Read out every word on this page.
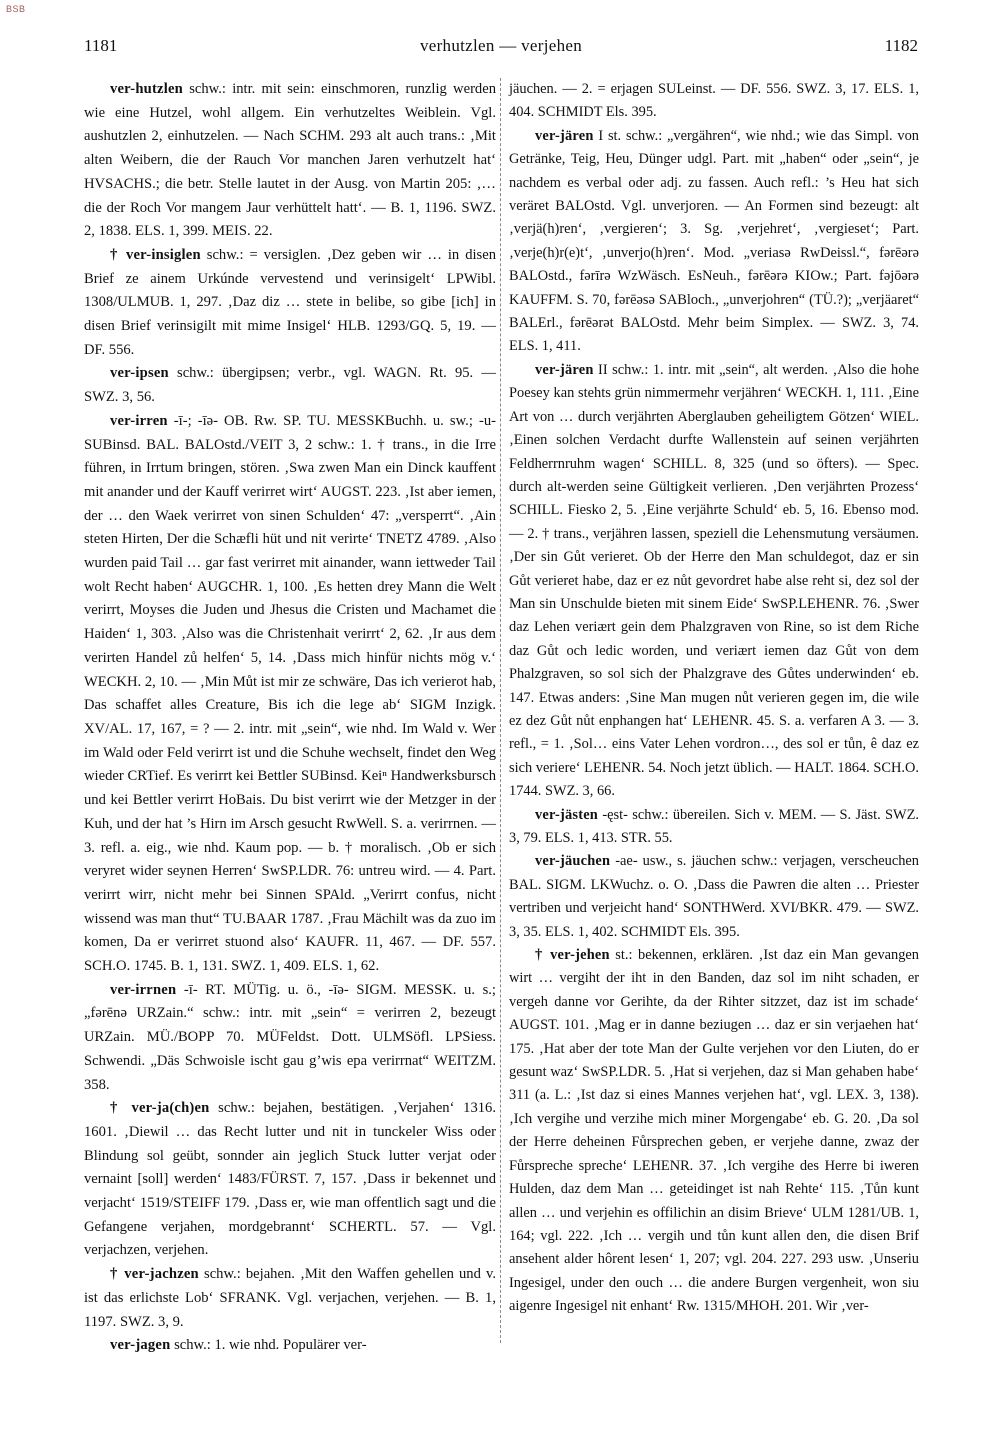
BSB
1181	verhutzlen — verjehen	1182

ver-hutzlen schw.: intr. mit sein: einschmoren, runzlig werden wie eine Hutzel, wohl allgem. Ein verhutzeltes Weiblein. Vgl. aushutzlen 2, einhutzelen. — Nach SCHM. 293 alt auch trans.: ‚Mit alten Weibern, die der Rauch Vor manchen Jaren verhutzelt hat‘ HVSACHS.; die betr. Stelle lautet in der Ausg. von Martin 205: ‚… die der Roch Vor mangem Jaur verhüttelt hatt‘. — B. 1, 1196. SWZ. 2, 1838. ELS. 1, 399. MEIS. 22.

† ver-insiglen schw.: = versiglen. ‚Dez geben wir … in disen Brief ze ainem Urkúnde vervestend und verinsigelt‘ LPWibl. 1308/ULMUB. 1, 297. ‚Daz diz … stete in belibe, so gibe [ich] in disen Brief verinsigilt mit mime Insigel‘ HLB. 1293/GQ. 5, 19. — DF. 556.

ver-ipsen schw.: übergipsen; verbr., vgl. WAGN. Rt. 95. — SWZ. 3, 56.

ver-irren -ī-; -īə- OB. Rw. SP. TU. MESSKBuchh. u. sw.; -u- SUBinsd. BAL. BALOstd./VEIT 3, 2 schw.: 1. † trans., in die Irre führen, in Irrtum bringen, stören. ‚Swa zwen Man ein Dinck kauffent mit anander und der Kauff verirret wirt‘ AUGST. 223. ‚Ist aber iemen, der … den Waek verirret von sinen Schulden‘ 47: „versperrt“. ‚Ain steten Hirten, Der die Schæfli hüt und nit verirte‘ TNETZ 4789. ‚Also wurden paid Tail … gar fast verirret mit ainander, wann iettweder Tail wolt Recht haben‘ AUGCHR. 1, 100. ‚Es hetten drey Mann die Welt verirrt, Moyses die Juden und Jhesus die Cristen und Machamet die Haiden‘ 1, 303. ‚Also was die Christenhait verirrt‘ 2, 62. ‚Ir aus dem verirten Handel zů helfen‘ 5, 14. ‚Dass mich hinfür nichts mög v.‘ WECKH. 2, 10. — ‚Min Můt ist mir ze schwäre, Das ich verierot hab, Das schaffet alles Creature, Bis ich die lege ab‘ SIGM Inzigk. XV/AL. 17, 167, = ? — 2. intr. mit „sein“, wie nhd. Im Wald v. Wer im Wald oder Feld verirrt ist und die Schuhe wechselt, findet den Weg wieder CRTief. Es verirrt kei Bettler SUBinsd. Keiⁿ Handwerksbursch und kei Bettler verirrt HoBais. Du bist verirrt wie der Metzger in der Kuh, und der hat ’s Hirn im Arsch gesucht RwWell. S. a. verirrnen. — 3. refl. a. eig., wie nhd. Kaum pop. — b. † moralisch. ‚Ob er sich veryret wider seynen Herren‘ SwSP.LDR. 76: untreu wird. — 4. Part. verirrt wirr, nicht mehr bei Sinnen SPAld. „Verirrt confus, nicht wissend was man thut“ TU.BAAR 1787. ‚Frau Mächilt was da zuo im komen, Da er verirret stuond also‘ KAUFR. 11, 467. — DF. 557. SCH.O. 1745. B. 1, 131. SWZ. 1, 409. ELS. 1, 62.

ver-irrnen -ī- RT. MÜTig. u. ö., -īə- SIGM. MESSK. u. s.; „fərēnə URZain.“ schw.: intr. mit „sein“ = verirren 2, bezeugt URZain. MÜ./BOPP 70. MÜFeldst. Dott. ULMSöfl. LPSiess. Schwendi. „Däs Schwoisle ischt gau g’wis epa verirrnat“ WEITZM. 358.

† ver-ja(ch)en schw.: bejahen, bestätigen. ‚Verjahen‘ 1316. 1601. ‚Diewil … das Recht lutter und nit in tunckeler Wiss oder Blindung sol geübt, sonnder ain jeglich Stuck lutter verjat oder vernaint [soll] werden‘ 1483/FÜRST. 7, 157. ‚Dass ir bekennet und verjacht‘ 1519/STEIFF 179. ‚Dass er, wie man offentlich sagt und die Gefangene verjahen, mordgebrannt‘ SCHERTL. 57. — Vgl. verjachzen, verjehen.

† ver-jachzen schw.: bejahen. ‚Mit den Waffen gehellen und v. ist das erlichste Lob‘ SFRANK. Vgl. verjachen, verjehen. — B. 1, 1197. SWZ. 3, 9.

ver-jagen schw.: 1. wie nhd. Populärer ver-

jäuchen. — 2. = erjagen SULeinst. — DF. 556. SWZ. 3, 17. ELS. 1, 404. SCHMIDT Els. 395.

ver-jären I st. schw.: „vergähren“, wie nhd.; wie das Simpl. von Getränke, Teig, Heu, Dünger udgl. Part. mit „haben“ oder „sein“, je nachdem es verbal oder adj. zu fassen. Auch refl.: ’s Heu hat sich veräret BALOstd. Vgl. unverjoren. — An Formen sind bezeugt: alt ‚verjä(h)ren‘, ‚vergieren‘; 3. Sg. ‚verjehret‘, ‚vergieset‘; Part. ‚verje(h)r(e)t‘, ‚unverjo(h)ren‘. Mod. „veriasə RwDeissl.“, fərēərə BALOstd., fərīrə WzWäsch. EsNeuh., fərēərə KIOw.; Part. fəjōərə KAUFFM. S. 70, fərēəsə SABloch., „unverjohren“ (TÜ.?); „verjäaret“ BALErl., fərēərət BALOstd. Mehr beim Simplex. — SWZ. 3, 74. ELS. 1, 411.

ver-jären II schw.: 1. intr. mit „sein“, alt werden. ‚Also die hohe Poesey kan stehts grün nimmermehr verjähren‘ WECKH. 1, 111. ‚Eine Art von … durch verjährten Aberglauben geheiligtem Götzen‘ WIEL. ‚Einen solchen Verdacht durfte Wallenstein auf seinen verjährten Feldherrnruhm wagen‘ SCHILL. 8, 325 (und so öfters). — Spec. durch alt-werden seine Gültigkeit verlieren. ‚Den verjährten Prozess‘ SCHILL. Fiesko 2, 5. ‚Eine verjährte Schuld‘ eb. 5, 16. Ebenso mod. — 2. † trans., verjähren lassen, speziell die Lehensmutung versäumen. ‚Der sin Gůt verieret. Ob der Herre den Man schuldegot, daz er sin Gůt verieret habe, daz er ez nůt gevordret habe alse reht si, dez sol der Man sin Unschulde bieten mit sinem Eide‘ SwSP.LEHENR. 76. ‚Swer daz Lehen veriært gein dem Phalzgraven von Rine, so ist dem Riche daz Gůt och ledic worden, und veriært iemen daz Gůt von dem Phalzgraven, so sol sich der Phalzgrave des Gůtes underwinden‘ eb. 147. Etwas anders: ‚Sine Man mugen nůt verieren gegen im, die wile ez dez Gůt nůt enphangen hat‘ LEHENR. 45. S. a. verfaren A 3. — 3. refl., = 1. ‚Sol… eins Vater Lehen vordron…, des sol er tůn, ê daz ez sich veriere‘ LEHENR. 54. Noch jetzt üblich. — HALT. 1864. SCH.O. 1744. SWZ. 3, 66.

ver-jästen -ęst- schw.: übereilen. Sich v. MEM. — S. Jäst. SWZ. 3, 79. ELS. 1, 413. STR. 55.

ver-jäuchen -ae- usw., s. jäuchen schw.: verjagen, verscheuchen BAL. SIGM. LKWuchz. o. O. ‚Dass die Pawren die alten … Priester vertriben und verjeicht hand‘ SONTHWerd. XVI/BKR. 479. — SWZ. 3, 35. ELS. 1, 402. SCHMIDT Els. 395.

† ver-jehen st.: bekennen, erklären. ‚Ist daz ein Man gevangen wirt … vergiht der iht in den Banden, daz sol im niht schaden, er vergeh danne vor Gerihte, da der Rihter sitzzet, daz ist im schade‘ AUGST. 101. ‚Mag er in danne beziugen … daz er sin verjaehen hat‘ 175. ‚Hat aber der tote Man der Gulte verjehen vor den Liuten, do er gesunt waz‘ SwSP.LDR. 5. ‚Hat si verjehen, daz si Man gehaben habe‘ 311 (a. L.: ‚Ist daz si eines Mannes verjehen hat‘, vgl. LEX. 3, 138). ‚Ich vergihe und verzihe mich miner Morgengabe‘ eb. G. 20. ‚Da sol der Herre deheinen Fůrsprechen geben, er verjehe danne, zwaz der Fůrspreche spreche‘ LEHENR. 37. ‚Ich vergihe des Herre bi iweren Hulden, daz dem Man … geteidinget ist nah Rehte‘ 115. ‚Tůn kunt allen … und verjehin es offilichin an disim Brieve‘ ULM 1281/UB. 1, 164; vgl. 222. ‚Ich … vergih und tůn kunt allen den, die disen Brif ansehent alder hôrent lesen‘ 1, 207; vgl. 204. 227. 293 usw. ‚Unseriu Ingesigel, under den ouch … die andere Burgen vergenheit, won siu aigenre Ingesigel nit enhant‘ Rw. 1315/MHOH. 201. Wir ‚ver-
